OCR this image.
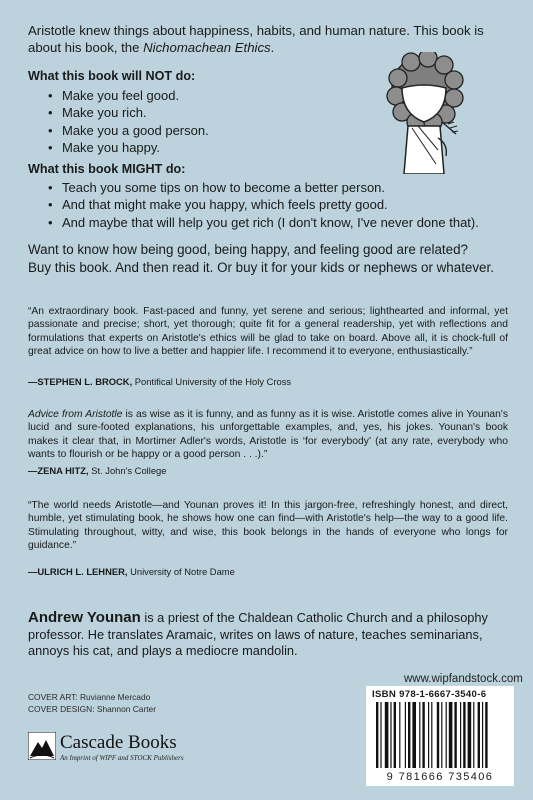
Aristotle knew things about happiness, habits, and human nature. This book is about his book, the Nichomachean Ethics.

What this book will NOT do:
• Make you feel good.
• Make you rich.
• Make you a good person.
• Make you happy.
What this book MIGHT do:
• Teach you some tips on how to become a better person.
• And that might make you happy, which feels pretty good.
• And maybe that will help you get rich (I don't know, I've never done that).

Want to know how being good, being happy, and feeling good are related?

Buy this book. And then read it. Or buy it for your kids or nephews or whatever.

“An extraordinary book. Fast-paced and funny, yet serene and serious; lighthearted and informal, yet passionate and precise; short, yet thorough; quite fit for a general readership, yet with reflections and formulations that experts on Aristotle's ethics will be glad to take on board. Above all, it is chock-full of great advice on how to live a better and happier life. I recommend it to everyone, enthusiastically.”

—STEPHEN L. BROCK, Pontifical University of the Holy Cross

Advice from Aristotle is as wise as it is funny, and as funny as it is wise. Aristotle comes alive in Younan's lucid and sure-footed explanations, his unforgettable examples, and, yes, his jokes. Younan's book makes it clear that, in Mortimer Adler's words, Aristotle is ‘for everybody’ (at any rate, everybody who wants to flourish or be happy or a good person . . .).”

—ZENA HITZ, St. John's College

“The world needs Aristotle—and Younan proves it! In this jargon-free, refreshingly honest, and direct, humble, yet stimulating book, he shows how one can find—with Aristotle's help—the way to a good life. Stimulating throughout, witty, and wise, this book belongs in the hands of everyone who longs for guidance.”

—ULRICH L. LEHNER, University of Notre Dame

Andrew Younan is a priest of the Chaldean Catholic Church and a philosophy professor. He translates Aramaic, writes on laws of nature, teaches seminarians, annoys his cat, and plays a mediocre mandolin.

www.wipfandstock.com
COVER ART: Ruvianne Mercado
COVER DESIGN: Shannon Carter
Cascade Books
An Imprint of WIPF and STOCK Publishers
ISBN 978-1-6667-3540-6
9 781666 735406
